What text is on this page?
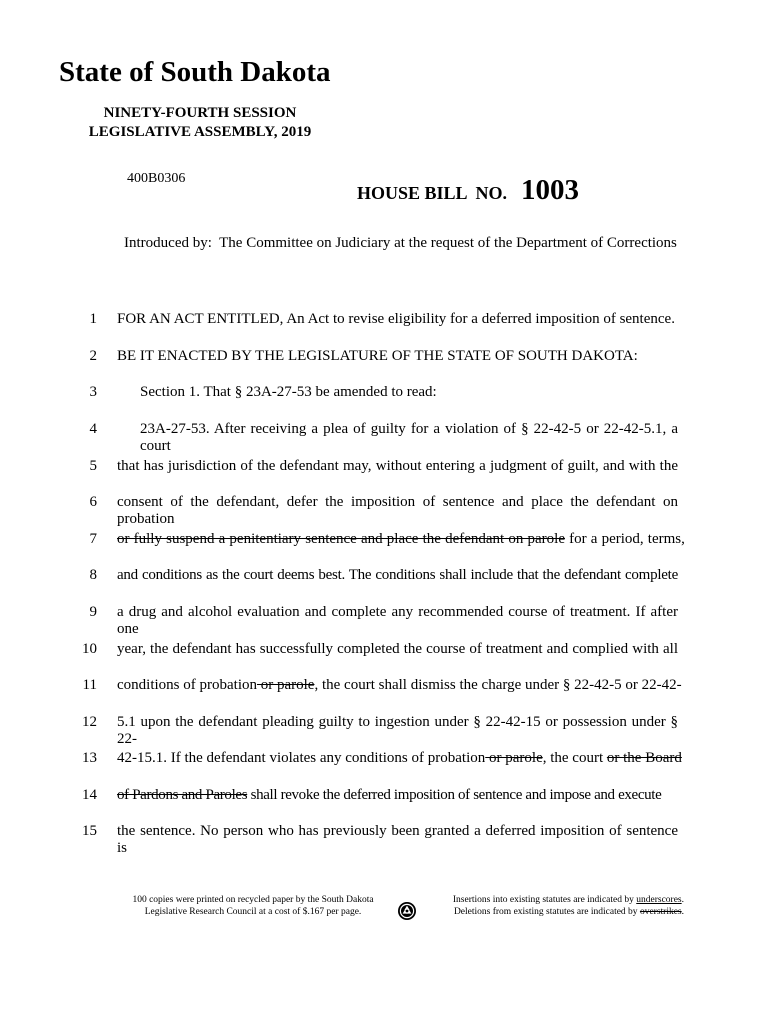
State of South Dakota
NINETY-FOURTH SESSION
LEGISLATIVE ASSEMBLY, 2019
400B0306
HOUSE BILL  NO. 1003
Introduced by:  The Committee on Judiciary at the request of the Department of Corrections
1 FOR AN ACT ENTITLED, An Act to revise eligibility for a deferred imposition of sentence.
2 BE IT ENACTED BY THE LEGISLATURE OF THE STATE OF SOUTH DAKOTA:
3	Section 1. That § 23A-27-53 be amended to read:
4	23A-27-53. After receiving a plea of guilty for a violation of § 22-42-5 or 22-42-5.1, a court
5 that has jurisdiction of the defendant may, without entering a judgment of guilt, and with the
6 consent of the defendant, defer the imposition of sentence and place the defendant on probation
7 or fully suspend a penitentiary sentence and place the defendant on parole for a period, terms,
8 and conditions as the court deems best. The conditions shall include that the defendant complete
9 a drug and alcohol evaluation and complete any recommended course of treatment. If after one
10 year, the defendant has successfully completed the course of treatment and complied with all
11 conditions of probation or parole, the court shall dismiss the charge under § 22-42-5 or 22-42-
12 5.1 upon the defendant pleading guilty to ingestion under § 22-42-15 or possession under § 22-
13 42-15.1. If the defendant violates any conditions of probation or parole, the court or the Board
14 of Pardons and Paroles shall revoke the deferred imposition of sentence and impose and execute
15 the sentence. No person who has previously been granted a deferred imposition of sentence is
100 copies were printed on recycled paper by the South Dakota
Legislative Research Council at a cost of $.167 per page.
Insertions into existing statutes are indicated by underscores.
Deletions from existing statutes are indicated by overstrikes.
